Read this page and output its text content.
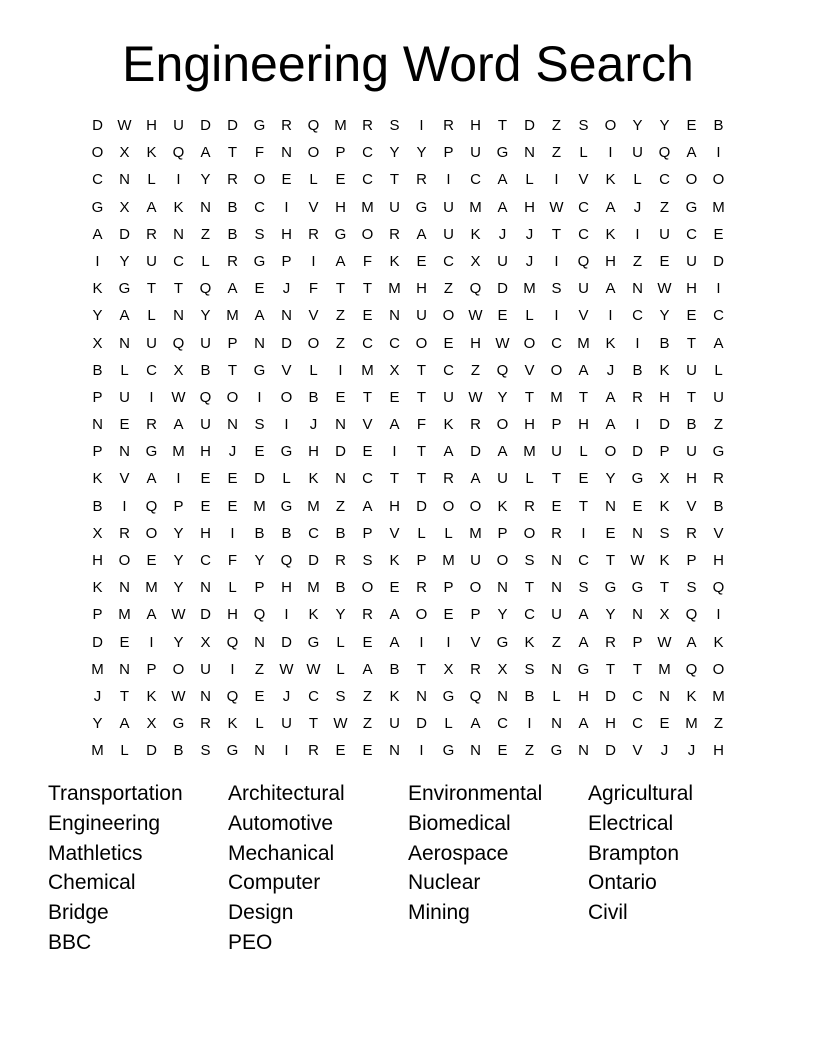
Engineering Word Search
D W H	U	D	D	G	R	Q M	R	S	I	R	H	T	D	Z	S	O	Y	Y	E	B
O	X	K	Q	A	T	F	N	O	P	C	Y	Y	P	U	G	N	Z	L	I	U	Q	A	I
C	N	L	I	Y	R	O	E	L	E	C	T	R	I	C	A	L	I	V	K	L	C	O	O
G	X	A	K	N	B	C	I	V	H	M	U	G	U	M	A	H W C	A	J	Z	G M
A	D	R	N	Z	B	S	H	R	G	O	R	A	U	K	J	J	T	C	K	I	U	C	E
I	Y	U	C	L	R	G	P	I	A	F	K	E	C	X	U	J	I	Q	H	Z	E	U	D
K	G	T	T	Q	A	E	J	F	T	T	M	H	Z	Q	D	M	S	U	A	N W H	I
Y	A	L	N	Y	M	A	N	V	Z	E	N	U	O W E	L	I	V	I	C	Y	E	C
X	N	U	Q	U	P	N	D	O	Z	C	C	O	E	H W O	C	M	K	I	B	T	A
B	L	C	X	B	T	G	V	L	I	M	X	T	C	Z	Q	V	O	A	J	B	K	U	L
P	U	I	W Q	O	I	O	B	E	T	E	T	U W Y	T	M	T	A	R	H	T	U
N	E	R	A	U	N	S	I	J	N	V	A	F	K	R	O	H	P	H	A	I	D	B	Z
P	N	G M	H	J	E	G	H	D	E	I	T	A	D	A	M	U	L	O	D	P	U	G
K	V	A	I	E	E	D	L	K	N	C	T	T	R	A	U	L	T	E	Y	G	X	H	R
B	I	Q	P	E	E	M G M	Z	A	H	D	O	O	K	R	E	T	N	E	K	V	B
X	R	O	Y	H	I	B	B	C	B	P	V	L	L	M	P	O	R	I	E	N	S	R	V
H	O	E	Y	C	F	Y	Q	D	R	S	K	P	M	U	O	S	N	C	T	W K	P	H
K	N	M	Y	N	L	P	H	M	B	O	E	R	P	O	N	T	N	S	G	G	T	S	Q
P	M	A W D	H	Q	I	K	Y	R	A	O	E	P	Y	C	U	A	Y	N	X	Q	I
D	E	I	Y	X	Q	N	D	G	L	E	A	I	I	V	G	K	Z	A	R	P W A	K
M	N	P	O	U	I	Z	W W	L	A	B	T	X	R	X	S	N	G	T	T	M Q	O
J	T	K W N	Q	E	J	C	S	Z	K	N	G	Q	N	B	L	H	D	C	N	K	M
Y	A	X	G	R	K	L	U	T	W	Z	U	D	L	A	C	I	N	A	H	C	E	M	Z
M	L	D	B	S	G	N	I	R	E	E	N	I	G	N	E	Z	G	N	D	V	J	J	H
Transportation	Architectural	Environmental	Agricultural
Engineering	Automotive	Biomedical	Electrical
Mathletics	Mechanical	Aerospace	Brampton
Chemical	Computer	Nuclear	Ontario
Bridge	Design	Mining	Civil
BBC	PEO
